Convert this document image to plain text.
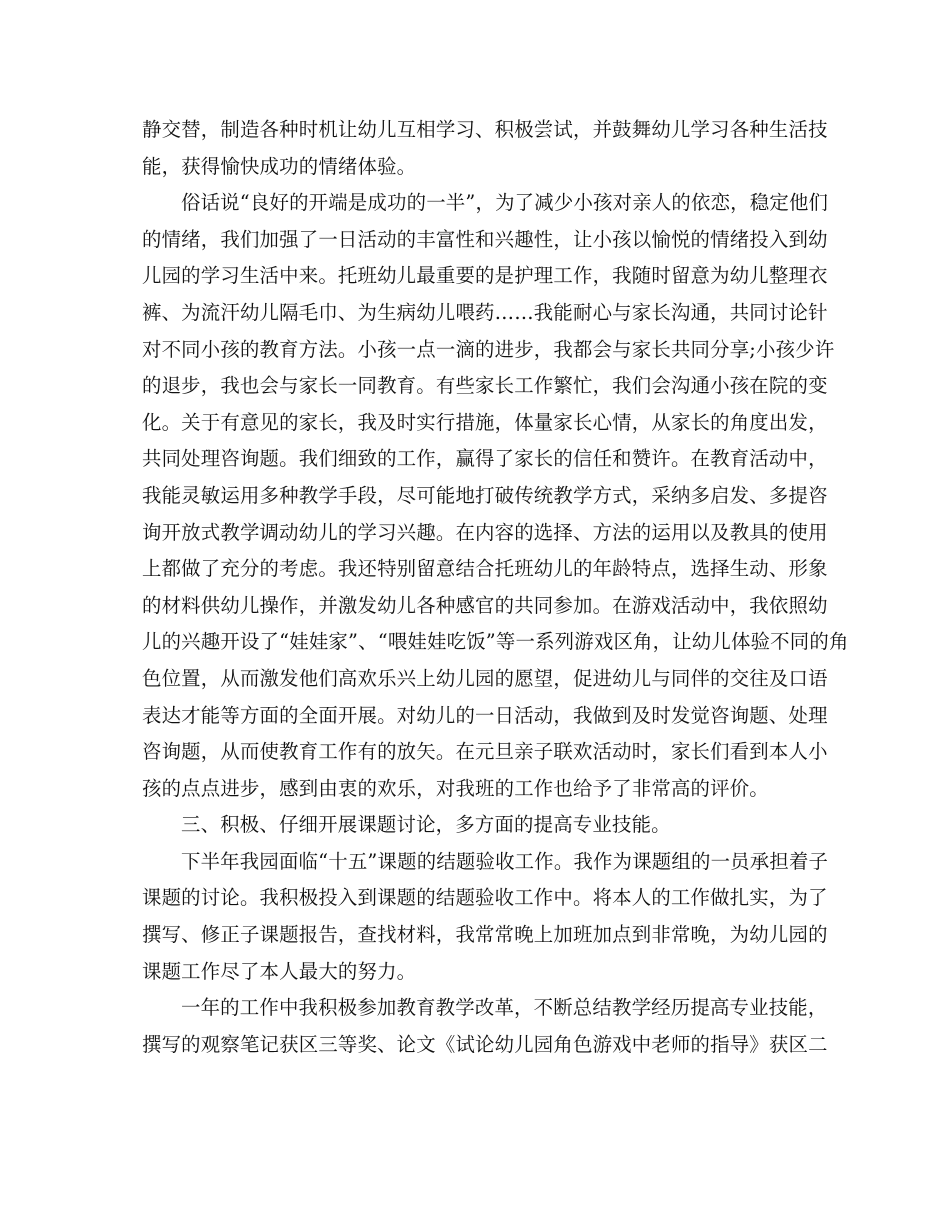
静交替，制造各种时机让幼儿互相学习、积极尝试，并鼓舞幼儿学习各种生活技
能，获得愉快成功的情绪体验。
俗话说“良好的开端是成功的一半”，为了减少小孩对亲人的依恋，稳定他们
的情绪，我们加强了一日活动的丰富性和兴趣性，让小孩以愉悦的情绪投入到幼
儿园的学习生活中来。托班幼儿最重要的是护理工作，我随时留意为幼儿整理衣
裤、为流汗幼儿隔毛巾、为生病幼儿喂药……我能耐心与家长沟通，共同讨论针
对不同小孩的教育方法。小孩一点一滴的进步，我都会与家长共同分享;小孩少许
的退步，我也会与家长一同教育。有些家长工作繁忙，我们会沟通小孩在院的变
化。关于有意见的家长，我及时实行措施，体量家长心情，从家长的角度出发，
共同处理咨询题。我们细致的工作，赢得了家长的信任和赞许。在教育活动中，
我能灵敏运用多种教学手段，尽可能地打破传统教学方式，采纳多启发、多提咨
询开放式教学调动幼儿的学习兴趣。在内容的选择、方法的运用以及教具的使用
上都做了充分的考虑。我还特别留意结合托班幼儿的年龄特点，选择生动、形象
的材料供幼儿操作，并激发幼儿各种感官的共同参加。在游戏活动中，我依照幼
儿的兴趣开设了“娃娃家”、“喂娃娃吃饭”等一系列游戏区角，让幼儿体验不同的角
色位置，从而激发他们高欢乐兴上幼儿园的愿望，促进幼儿与同伴的交往及口语
表达才能等方面的全面开展。对幼儿的一日活动，我做到及时发觉咨询题、处理
咨询题，从而使教育工作有的放矢。在元旦亲子联欢活动时，家长们看到本人小
孩的点点进步，感到由衷的欢乐，对我班的工作也给予了非常高的评价。
三、积极、仔细开展课题讨论，多方面的提高专业技能。
下半年我园面临“十五”课题的结题验收工作。我作为课题组的一员承担着子
课题的讨论。我积极投入到课题的结题验收工作中。将本人的工作做扎实，为了
撰写、修正子课题报告，查找材料，我常常晚上加班加点到非常晚，为幼儿园的
课题工作尽了本人最大的努力。
一年的工作中我积极参加教育教学改革，不断总结教学经历提高专业技能，
撰写的观察笔记获区三等奖、论文《试论幼儿园角色游戏中老师的指导》获区二
